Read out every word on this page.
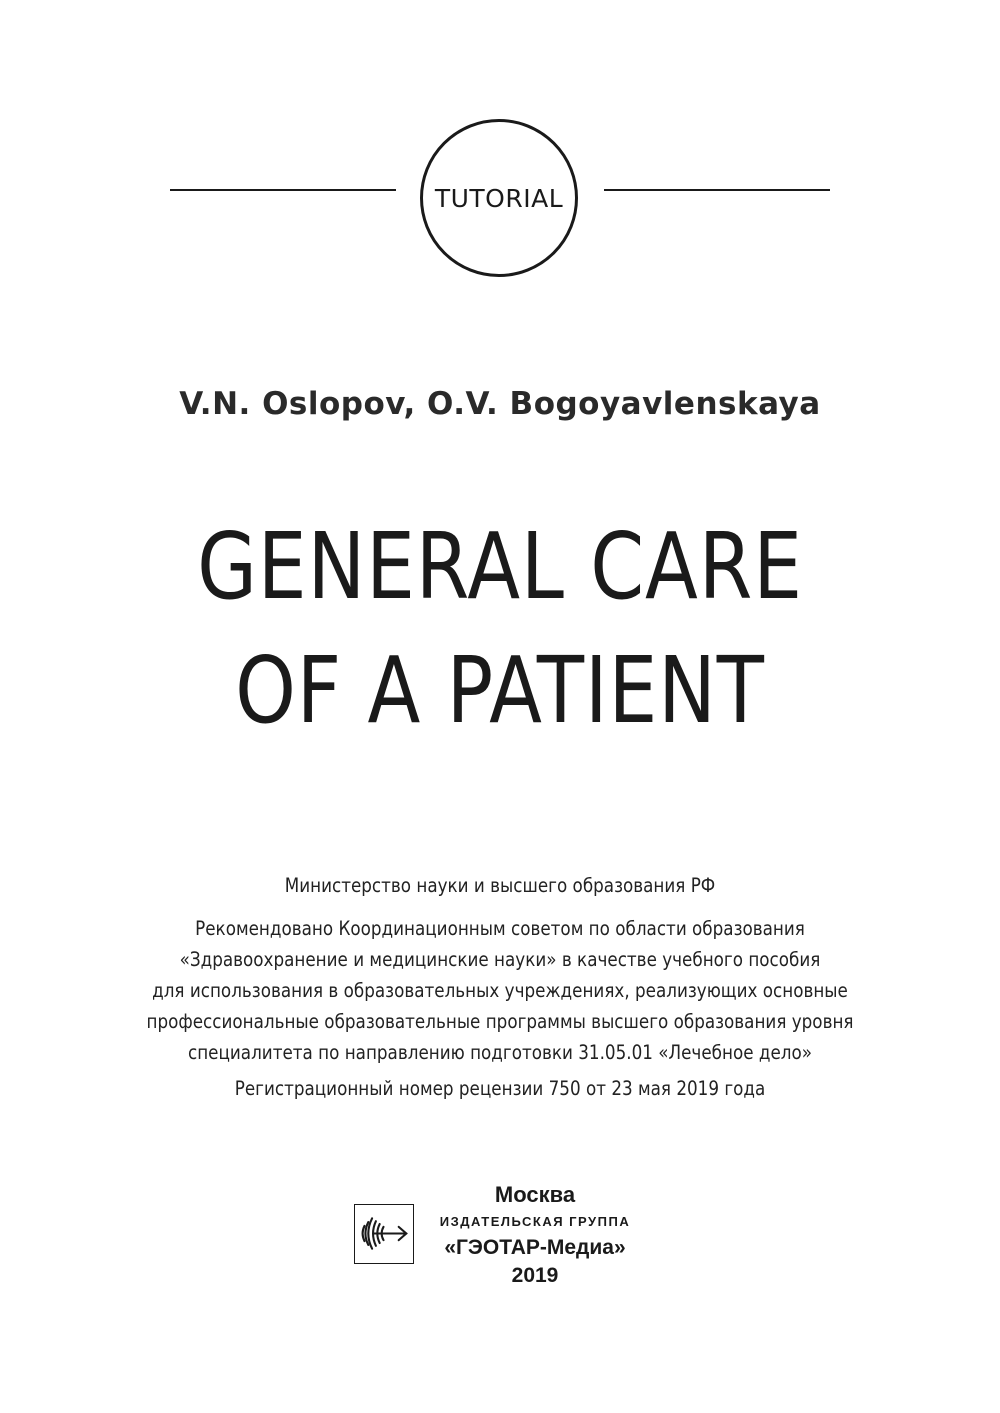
TUTORIAL
V.N. Oslopov, O.V. Bogoyavlenskaya
GENERAL CARE
OF A PATIENT
Министерство науки и высшего образования РФ
Рекомендовано Координационным советом по области образования
«Здравоохранение и медицинские науки» в качестве учебного пособия
для использования в образовательных учреждениях, реализующих основные
профессиональные образовательные программы высшего образования уровня
специалитета по направлению подготовки 31.05.01 «Лечебное дело»
Регистрационный номер рецензии 750 от 23 мая 2019 года
Москва
ИЗДАТЕЛЬСКАЯ ГРУППА
«ГЭОТАР-Медиа»
2019
